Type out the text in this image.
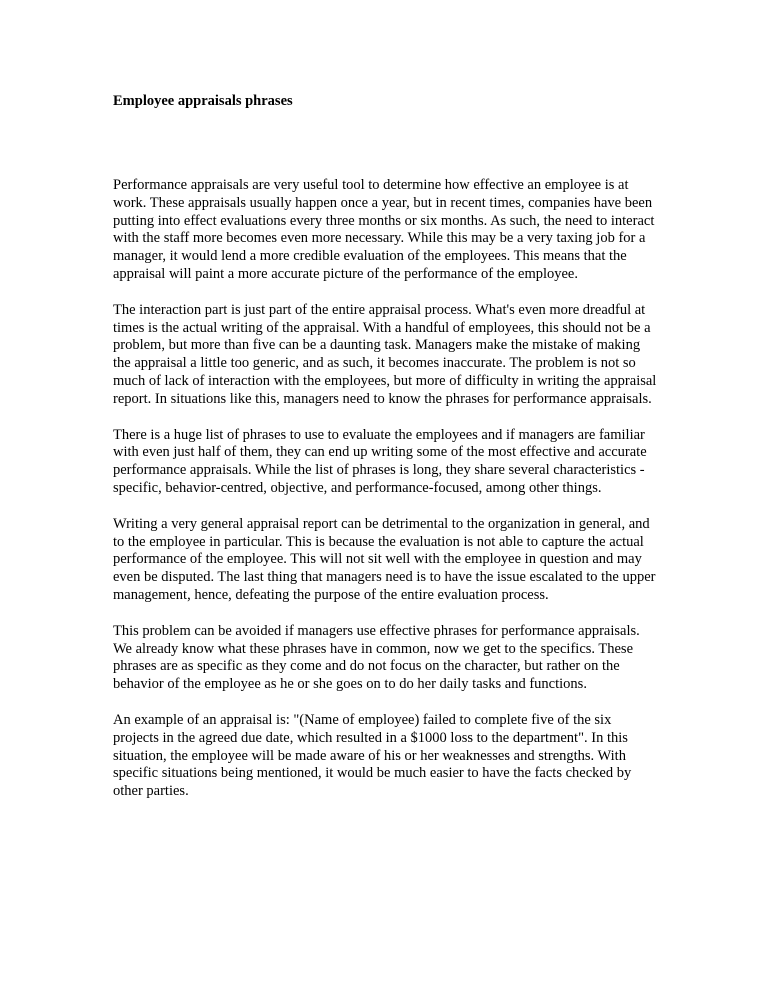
Employee appraisals phrases

Performance appraisals are very useful tool to determine how effective an employee is at work. These appraisals usually happen once a year, but in recent times, companies have been putting into effect evaluations every three months or six months. As such, the need to interact with the staff more becomes even more necessary. While this may be a very taxing job for a manager, it would lend a more credible evaluation of the employees. This means that the appraisal will paint a more accurate picture of the performance of the employee.

The interaction part is just part of the entire appraisal process. What's even more dreadful at times is the actual writing of the appraisal. With a handful of employees, this should not be a problem, but more than five can be a daunting task. Managers make the mistake of making the appraisal a little too generic, and as such, it becomes inaccurate. The problem is not so much of lack of interaction with the employees, but more of difficulty in writing the appraisal report. In situations like this, managers need to know the phrases for performance appraisals.

There is a huge list of phrases to use to evaluate the employees and if managers are familiar with even just half of them, they can end up writing some of the most effective and accurate performance appraisals. While the list of phrases is long, they share several characteristics - specific, behavior-centred, objective, and performance-focused, among other things.

Writing a very general appraisal report can be detrimental to the organization in general, and to the employee in particular. This is because the evaluation is not able to capture the actual performance of the employee. This will not sit well with the employee in question and may even be disputed. The last thing that managers need is to have the issue escalated to the upper management, hence, defeating the purpose of the entire evaluation process.

This problem can be avoided if managers use effective phrases for performance appraisals. We already know what these phrases have in common, now we get to the specifics. These phrases are as specific as they come and do not focus on the character, but rather on the behavior of the employee as he or she goes on to do her daily tasks and functions.

An example of an appraisal is: "(Name of employee) failed to complete five of the six projects in the agreed due date, which resulted in a $1000 loss to the department". In this situation, the employee will be made aware of his or her weaknesses and strengths. With specific situations being mentioned, it would be much easier to have the facts checked by other parties.
